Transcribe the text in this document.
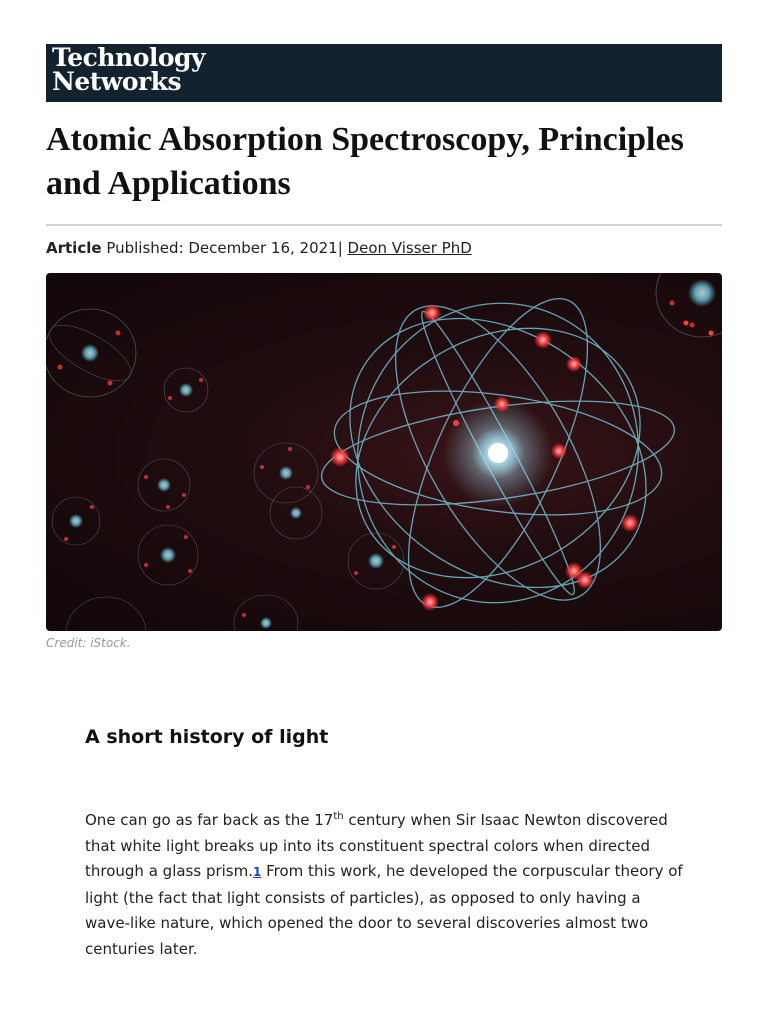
Technology
Networks
Atomic Absorption Spectroscopy, Principles and Applications
Article Published: December 16, 2021| Deon Visser PhD
Credit: iStock.
A short history of light

One can go as far back as the 17th century when Sir Isaac Newton discovered that white light breaks up into its constituent spectral colors when directed through a glass prism.1 From this work, he developed the corpuscular theory of light (the fact that light consists of particles), as opposed to only having a wave-like nature, which opened the door to several discoveries almost two centuries later.
